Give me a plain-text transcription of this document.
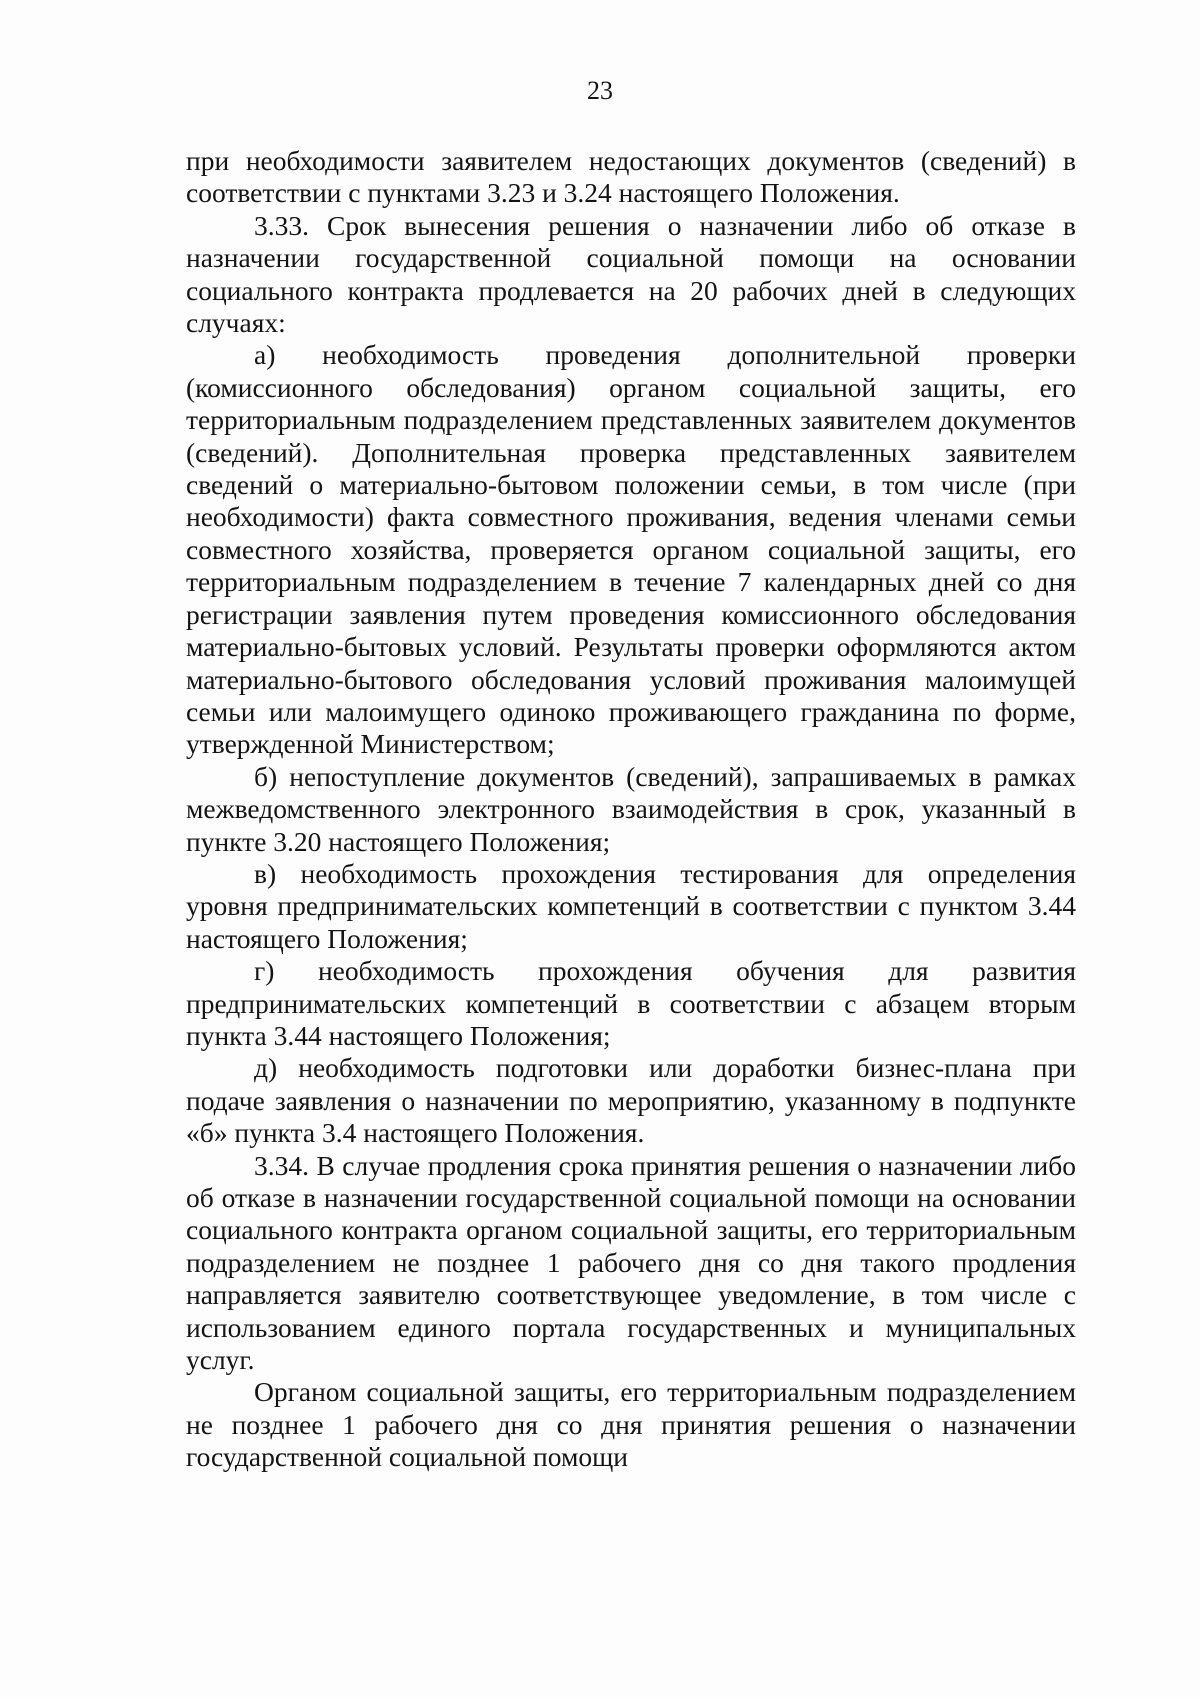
23

при необходимости заявителем недостающих документов (сведений) в соответствии с пунктами 3.23 и 3.24 настоящего Положения.

3.33. Срок вынесения решения о назначении либо об отказе в назначении государственной социальной помощи на основании социального контракта продлевается на 20 рабочих дней в следующих случаях:

а) необходимость проведения дополнительной проверки (комиссионного обследования) органом социальной защиты, его территориальным подразделением представленных заявителем документов (сведений). Дополнительная проверка представленных заявителем сведений о материально-бытовом положении семьи, в том числе (при необходимости) факта совместного проживания, ведения членами семьи совместного хозяйства, проверяется органом социальной защиты, его территориальным подразделением в течение 7 календарных дней со дня регистрации заявления путем проведения комиссионного обследования материально-бытовых условий. Результаты проверки оформляются актом материально-бытового обследования условий проживания малоимущей семьи или малоимущего одиноко проживающего гражданина по форме, утвержденной Министерством;

б) непоступление документов (сведений), запрашиваемых в рамках межведомственного электронного взаимодействия в срок, указанный в пункте 3.20 настоящего Положения;

в) необходимость прохождения тестирования для определения уровня предпринимательских компетенций в соответствии с пунктом 3.44 настоящего Положения;

г) необходимость прохождения обучения для развития предпринимательских компетенций в соответствии с абзацем вторым пункта 3.44 настоящего Положения;

д) необходимость подготовки или доработки бизнес-плана при подаче заявления о назначении по мероприятию, указанному в подпункте «б» пункта 3.4 настоящего Положения.

3.34. В случае продления срока принятия решения о назначении либо об отказе в назначении государственной социальной помощи на основании социального контракта органом социальной защиты, его территориальным подразделением не позднее 1 рабочего дня со дня такого продления направляется заявителю соответствующее уведомление, в том числе с использованием единого портала государственных и муниципальных услуг.

Органом социальной защиты, его территориальным подразделением не позднее 1 рабочего дня со дня принятия решения о назначении государственной социальной помощи
